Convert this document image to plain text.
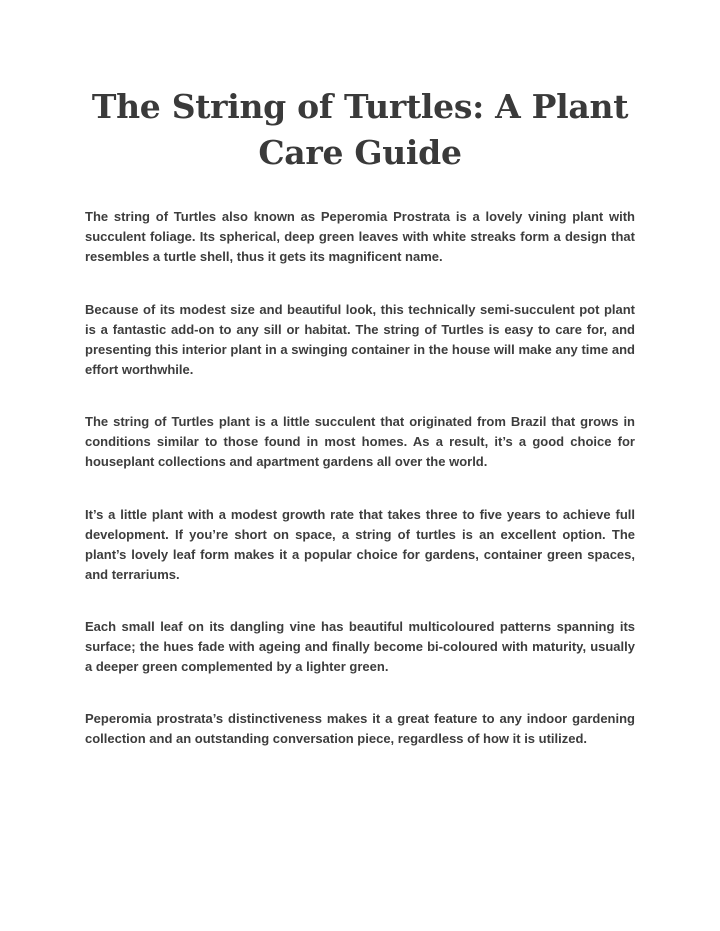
The String of Turtles: A Plant Care Guide

The string of Turtles also known as Peperomia Prostrata is a lovely vining plant with succulent foliage. Its spherical, deep green leaves with white streaks form a design that resembles a turtle shell, thus it gets its magnificent name.

Because of its modest size and beautiful look, this technically semi-succulent pot plant is a fantastic add-on to any sill or habitat. The string of Turtles is easy to care for, and presenting this interior plant in a swinging container in the house will make any time and effort worthwhile.

The string of Turtles plant is a little succulent that originated from Brazil that grows in conditions similar to those found in most homes. As a result, it’s a good choice for houseplant collections and apartment gardens all over the world.

It’s a little plant with a modest growth rate that takes three to five years to achieve full development. If you’re short on space, a string of turtles is an excellent option. The plant’s lovely leaf form makes it a popular choice for gardens, container green spaces, and terrariums.

Each small leaf on its dangling vine has beautiful multicoloured patterns spanning its surface; the hues fade with ageing and finally become bi-coloured with maturity, usually a deeper green complemented by a lighter green.

Peperomia prostrata’s distinctiveness makes it a great feature to any indoor gardening collection and an outstanding conversation piece, regardless of how it is utilized.
